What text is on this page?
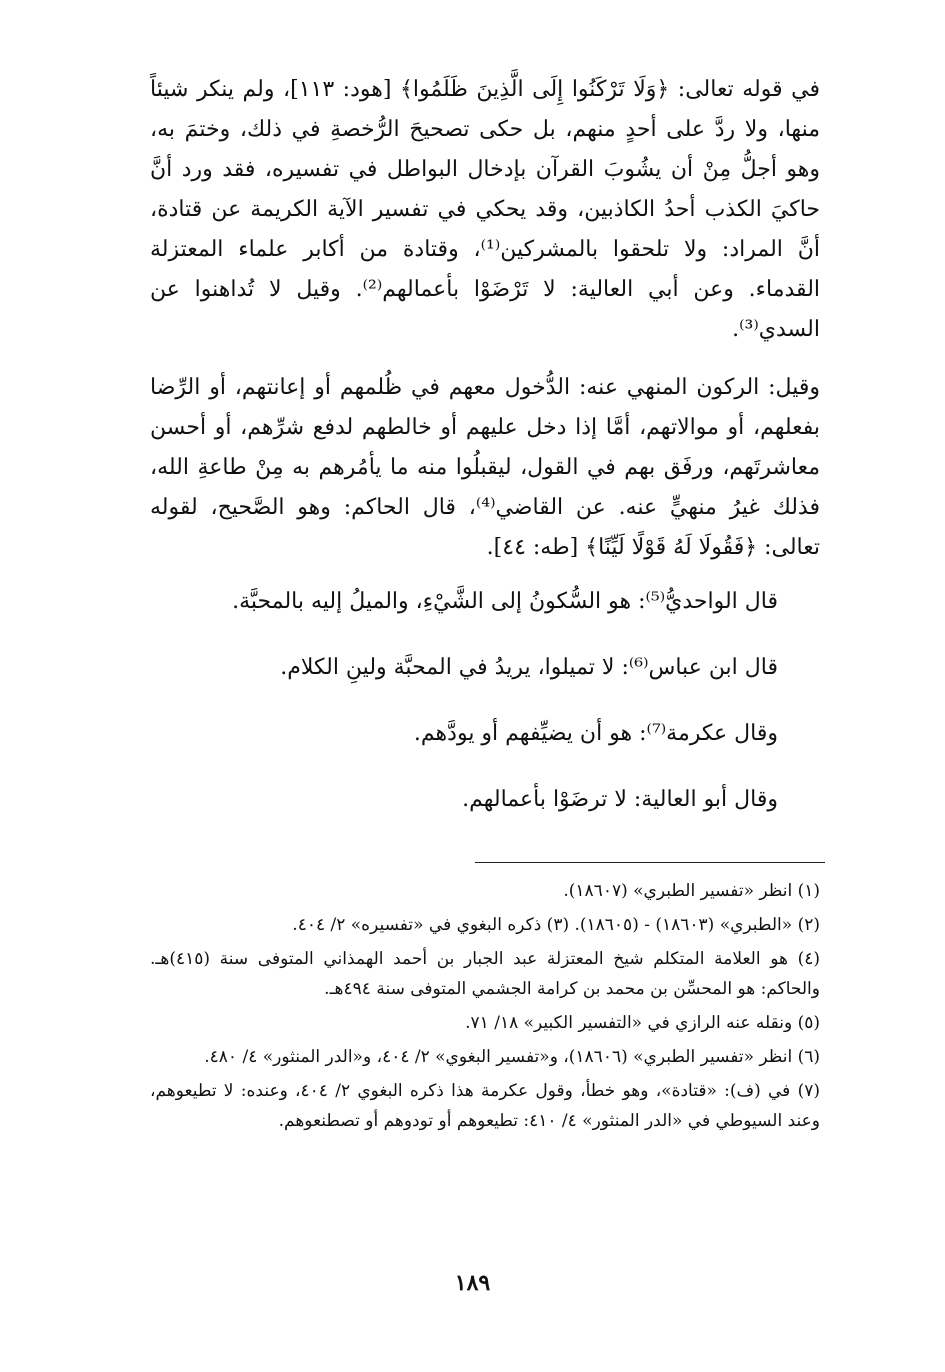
في قوله تعالى: ﴿وَلَا تَرْكَنُوا إِلَى الَّذِينَ ظَلَمُوا﴾ [هود: ١١٣]، ولم ينكر شيئاً منها، ولا ردَّ على أحدٍ منهم، بل حكى تصحيحَ الرُّخصةِ في ذلك، وختمَ به، وهو أجلُّ مِنْ أن يشُوبَ القرآن بإدخال البواطل في تفسيره، فقد ورد أنَّ حاكيَ الكذب أحدُ الكاذبين، وقد يحكي في تفسير الآية الكريمة عن قتادة، أنَّ المراد: ولا تلحقوا بالمشركين⁽¹⁾، وقتادة من أكابر علماء المعتزلة القدماء. وعن أبي العالية: لا تَرْضَوْا بأعمالهم⁽²⁾. وقيل لا تُداهنوا عن السدي⁽³⁾.

وقيل: الركون المنهي عنه: الدُّخول معهم في ظُلمهم أو إعانتهم، أو الرِّضا بفعلهم، أو موالاتهم، أمَّا إذا دخل عليهم أو خالطهم لدفع شرِّهم، أو أحسن معاشرتَهم، ورفَق بهم في القول، ليقبلُوا منه ما يأمُرهم به مِنْ طاعةِ الله، فذلك غيرُ منهيٍّ عنه. عن القاضي⁽⁴⁾، قال الحاكم: وهو الصَّحيح، لقوله تعالى: ﴿فَقُولَا لَهُ قَوْلًا لَيِّنًا﴾ [طه: ٤٤].

قال الواحديُّ⁽⁵⁾: هو السُّكونُ إلى الشَّيْءِ، والميلُ إليه بالمحبَّة.

قال ابن عباس⁽⁶⁾: لا تميلوا، يريدُ في المحبَّة ولينِ الكلام.

وقال عكرمة⁽⁷⁾: هو أن يضيِّفهم أو يودَّهم.

وقال أبو العالية: لا ترضَوْا بأعمالهم.

(١) انظر «تفسير الطبري» (١٨٦٠٧).

(٢) «الطبري» (١٨٦٠٣) - (١٨٦٠٥). (٣) ذكره البغوي في «تفسيره» ٢/ ٤٠٤.

(٤) هو العلامة المتكلم شيخ المعتزلة عبد الجبار بن أحمد الهمذاني المتوفى سنة (٤١٥)هـ. والحاكم: هو المحسِّن بن محمد بن كرامة الجشمي المتوفى سنة ٤٩٤هـ.

(٥) ونقله عنه الرازي في «التفسير الكبير» ١٨/ ٧١.

(٦) انظر «تفسير الطبري» (١٨٦٠٦)، و«تفسير البغوي» ٢/ ٤٠٤، و«الدر المنثور» ٤/ ٤٨٠.

(٧) في (ف): «قتادة»، وهو خطأ، وقول عكرمة هذا ذكره البغوي ٢/ ٤٠٤، وعنده: لا تطيعوهم، وعند السيوطي في «الدر المنثور» ٤/ ٤١٠: تطيعوهم أو تودوهم أو تصطنعوهم.

١٨٩
